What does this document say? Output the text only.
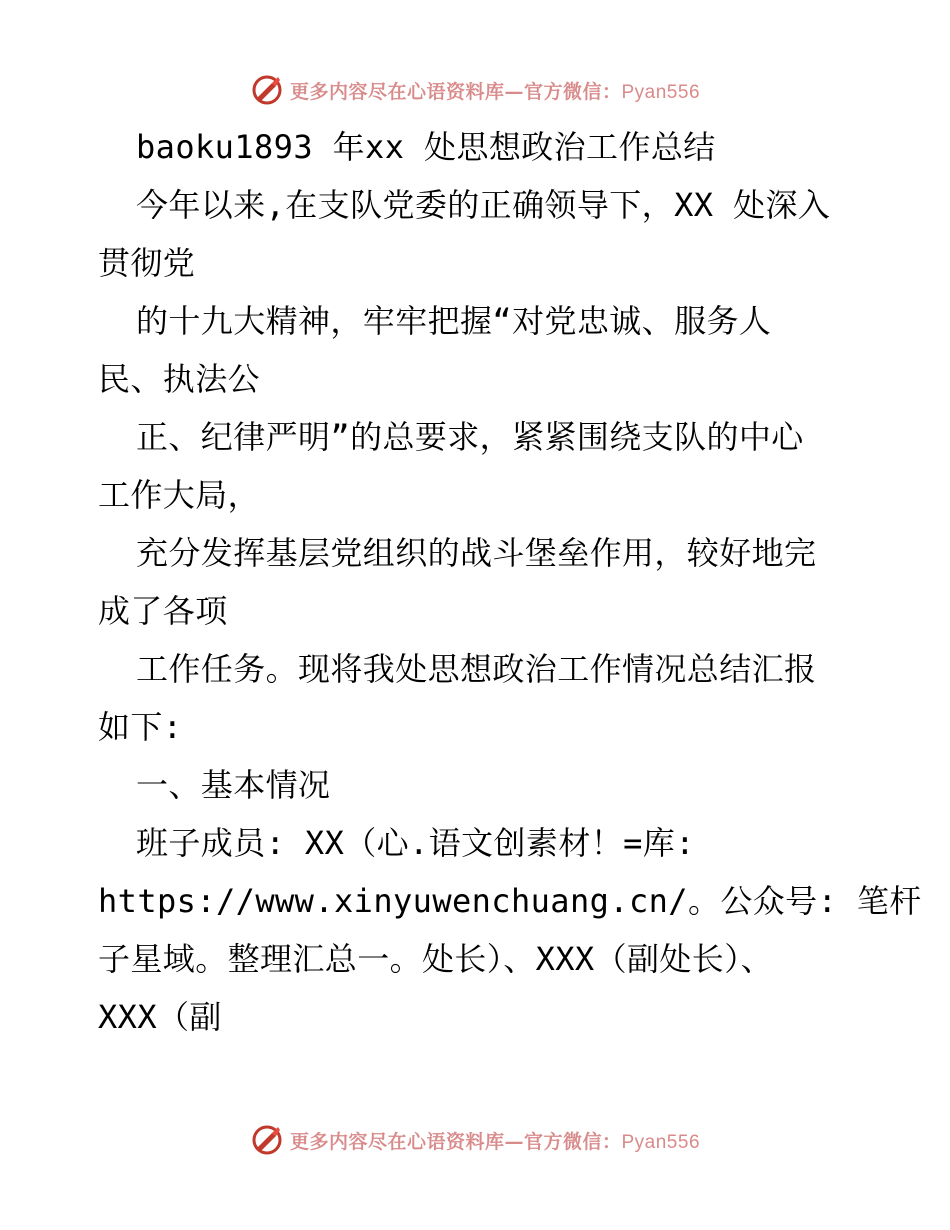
更多内容尽在心语资料库—官方微信：Pyan556
baoku1893 年xx 处思想政治工作总结
今年以来,在支队党委的正确领导下，XX 处深入
贯彻党
的十九大精神，牢牢把握“对党忠诚、服务人
民、执法公
正、纪律严明”的总要求，紧紧围绕支队的中心
工作大局，
充分发挥基层党组织的战斗堡垒作用，较好地完
成了各项
工作任务。现将我处思想政治工作情况总结汇报
如下:
一、基本情况
班子成员: XX（心.语文创素材！=库:
https://www.xinyuwenchuang.cn/。公众号: 笔杆
子星域。整理汇总一。处长）、XXX（副处长）、
XXX（副
更多内容尽在心语资料库—官方微信：Pyan556
